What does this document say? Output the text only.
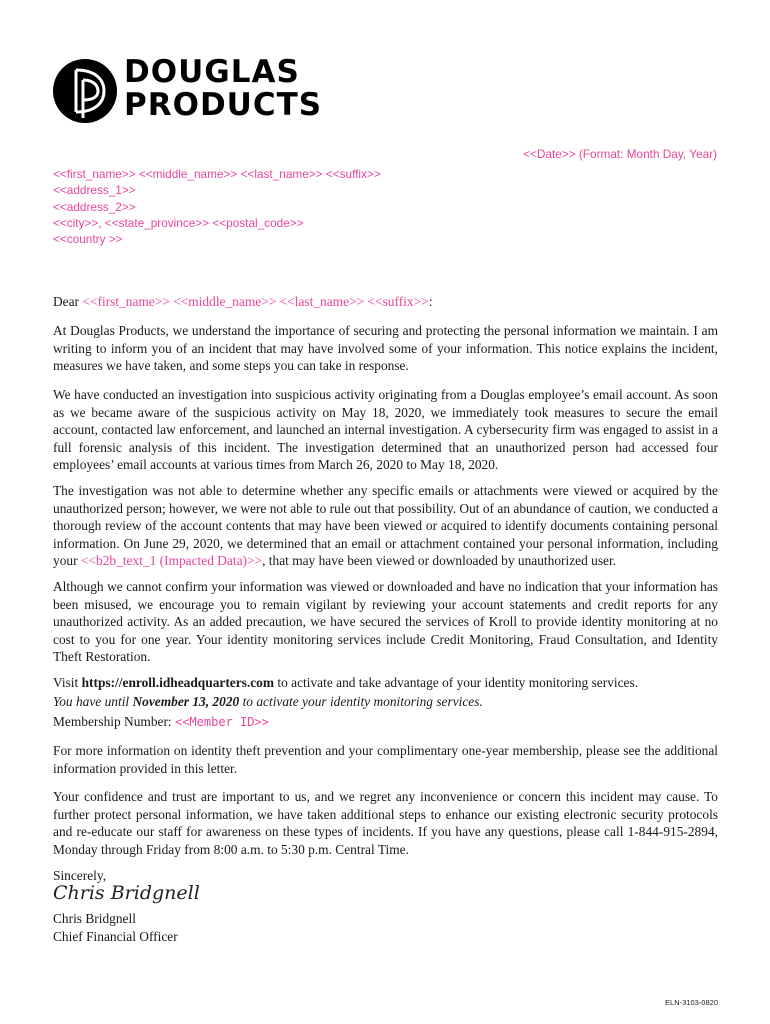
DOUGLAS
PRODUCTS
<<Date>> (Format: Month Day, Year)
<<first_name>> <<middle_name>> <<last_name>> <<suffix>>
<<address_1>>
<<address_2>>
<<city>>, <<state_province>> <<postal_code>>
<<country >>
Dear <<first_name>> <<middle_name>> <<last_name>> <<suffix>>:

At Douglas Products, we understand the importance of securing and protecting the personal information we maintain. I am writing to inform you of an incident that may have involved some of your information. This notice explains the incident, measures we have taken, and some steps you can take in response.

We have conducted an investigation into suspicious activity originating from a Douglas employee’s email account. As soon as we became aware of the suspicious activity on May 18, 2020, we immediately took measures to secure the email account, contacted law enforcement, and launched an internal investigation. A cybersecurity firm was engaged to assist in a full forensic analysis of this incident. The investigation determined that an unauthorized person had accessed four employees’ email accounts at various times from March 26, 2020 to May 18, 2020.

The investigation was not able to determine whether any specific emails or attachments were viewed or acquired by the unauthorized person; however, we were not able to rule out that possibility. Out of an abundance of caution, we conducted a thorough review of the account contents that may have been viewed or acquired to identify documents containing personal information. On June 29, 2020, we determined that an email or attachment contained your personal information, including your <<b2b_text_1 (Impacted Data)>>, that may have been viewed or downloaded by unauthorized user.

Although we cannot confirm your information was viewed or downloaded and have no indication that your information has been misused, we encourage you to remain vigilant by reviewing your account statements and credit reports for any unauthorized activity. As an added precaution, we have secured the services of Kroll to provide identity monitoring at no cost to you for one year. Your identity monitoring services include Credit Monitoring, Fraud Consultation, and Identity Theft Restoration.

Visit https://enroll.idheadquarters.com to activate and take advantage of your identity monitoring services.
You have until November 13, 2020 to activate your identity monitoring services.
Membership Number: <<Member ID>>

For more information on identity theft prevention and your complimentary one-year membership, please see the additional information provided in this letter.

Your confidence and trust are important to us, and we regret any inconvenience or concern this incident may cause. To further protect personal information, we have taken additional steps to enhance our existing electronic security protocols and re-educate our staff for awareness on these types of incidents. If you have any questions, please call 1-844-915-2894, Monday through Friday from 8:00 a.m. to 5:30 p.m. Central Time.

Sincerely,
Chris Bridgnell
Chris Bridgnell
Chief Financial Officer
ELN-3103-0820
